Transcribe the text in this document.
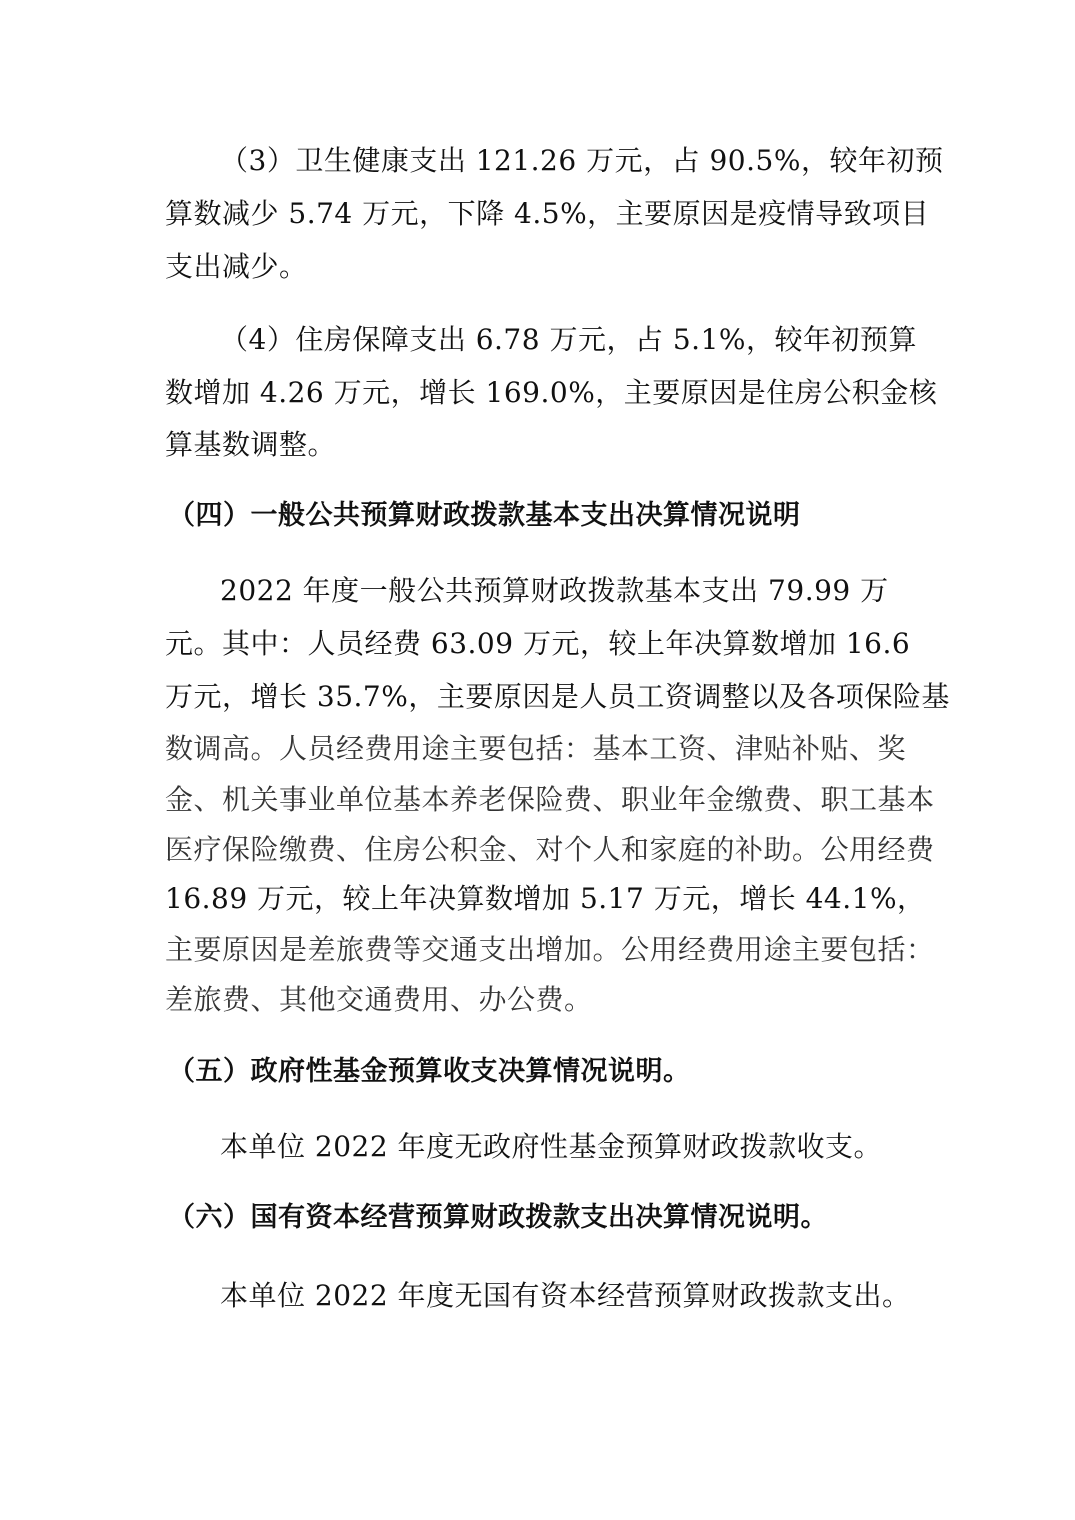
（3）卫生健康支出 121.26 万元，占 90.5%，较年初预
算数减少 5.74 万元，下降 4.5%，主要原因是疫情导致项目
支出减少。
（4）住房保障支出 6.78 万元，占 5.1%，较年初预算
数增加 4.26 万元，增长 169.0%，主要原因是住房公积金核
算基数调整。
（四）一般公共预算财政拨款基本支出决算情况说明
2022 年度一般公共预算财政拨款基本支出 79.99 万
元。其中：人员经费 63.09 万元，较上年决算数增加 16.6
万元，增长 35.7%，主要原因是人员工资调整以及各项保险基
数调高。人员经费用途主要包括：基本工资、津贴补贴、奖
金、机关事业单位基本养老保险费、职业年金缴费、职工基本
医疗保险缴费、住房公积金、对个人和家庭的补助。公用经费
16.89 万元，较上年决算数增加 5.17 万元，增长 44.1%，
主要原因是差旅费等交通支出增加。公用经费用途主要包括：
差旅费、其他交通费用、办公费。
（五）政府性基金预算收支决算情况说明。
本单位 2022 年度无政府性基金预算财政拨款收支。
（六）国有资本经营预算财政拨款支出决算情况说明。
本单位 2022 年度无国有资本经营预算财政拨款支出。
